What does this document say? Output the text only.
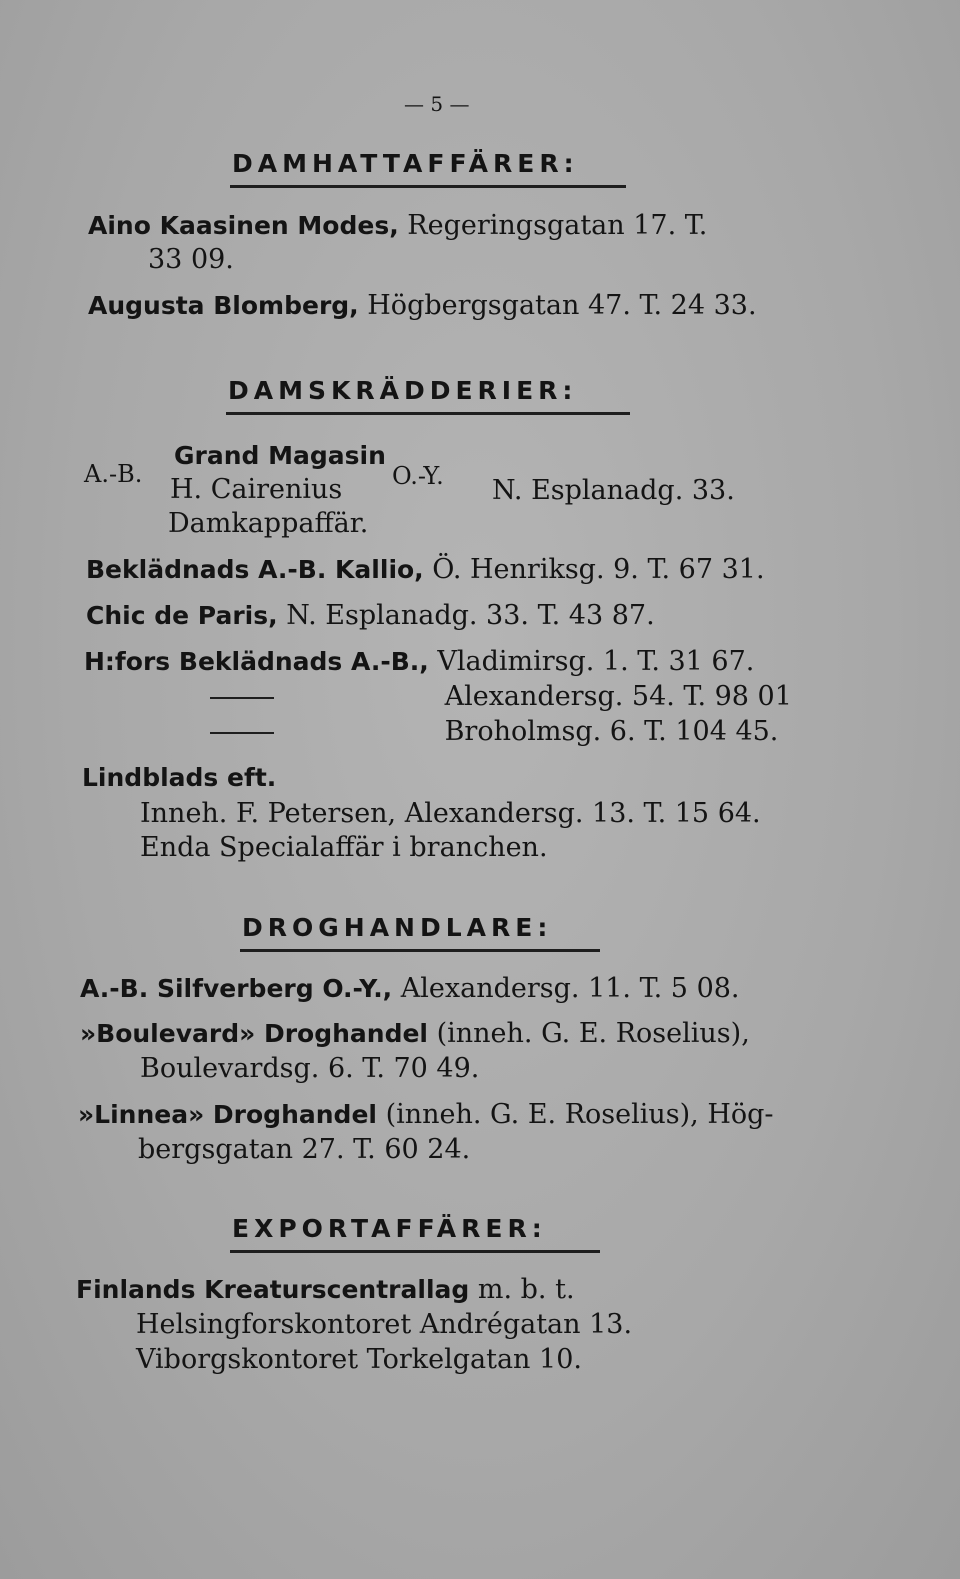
— 5 —
DAMHATTAFFÄRER:
Aino Kaasinen Modes, Regeringsgatan 17. T.
33 09.
Augusta Blomberg, Högbergsgatan 47. T. 24 33.
DAMSKRÄDDERIER:
A.-B.
Grand Magasin
H. Cairenius O.-Y. N. Esplanadg. 33.
Damkappaffär.
Beklädnads A.-B. Kallio, Ö. Henriksg. 9. T. 67 31.
Chic de Paris, N. Esplanadg. 33. T. 43 87.
H:fors Beklädnads A.-B., Vladimirsg. 1. T. 31 67.
Alexandersg. 54. T. 98 01
Broholmsg. 6. T. 104 45.
Lindblads eft.
Inneh. F. Petersen, Alexandersg. 13. T. 15 64.
Enda Specialaffär i branchen.
DROGHANDLARE:
A.-B. Silfverberg O.-Y., Alexandersg. 11. T. 5 08.
»Boulevard» Droghandel (inneh. G. E. Roselius),
Boulevardsg. 6. T. 70 49.
»Linnea» Droghandel (inneh. G. E. Roselius), Hög-
bergsgatan 27. T. 60 24.
EXPORTAFFÄRER:
Finlands Kreaturscentrallag m. b. t.
Helsingforskontoret Andrégatan 13.
Viborgskontoret Torkelgatan 10.
